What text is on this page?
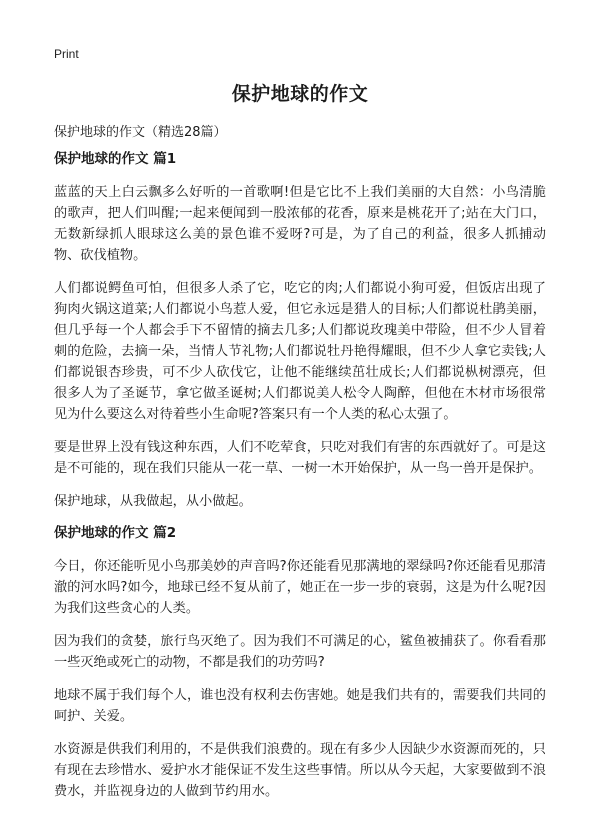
Print
保护地球的作文
保护地球的作文（精选28篇）
保护地球的作文 篇1

蓝蓝的天上白云飘多么好听的一首歌啊!但是它比不上我们美丽的大自然：小鸟清脆的歌声，把人们叫醒;一起来便闻到一股浓郁的花香，原来是桃花开了;站在大门口，无数新绿抓人眼球这么美的景色谁不爱呀?可是，为了自己的利益，很多人抓捕动物、砍伐植物。

人们都说鳄鱼可怕，但很多人杀了它，吃它的肉;人们都说小狗可爱，但饭店出现了狗肉火锅这道菜;人们都说小鸟惹人爱，但它永远是猎人的目标;人们都说杜鹃美丽，但几乎每一个人都会手下不留情的摘去几多;人们都说玫瑰美中带险，但不少人冒着刺的危险，去摘一朵，当情人节礼物;人们都说牡丹艳得耀眼，但不少人拿它卖钱;人们都说银杏珍贵，可不少人砍伐它，让他不能继续茁壮成长;人们都说枞树漂亮，但很多人为了圣诞节，拿它做圣诞树;人们都说美人松令人陶醉，但他在木材市场很常见为什么要这么对待着些小生命呢?答案只有一个人类的私心太强了。

要是世界上没有钱这种东西，人们不吃荤食，只吃对我们有害的东西就好了。可是这是不可能的，现在我们只能从一花一草、一树一木开始保护，从一鸟一兽开是保护。

保护地球，从我做起，从小做起。

保护地球的作文 篇2

今日，你还能听见小鸟那美妙的声音吗?你还能看见那满地的翠绿吗?你还能看见那清澈的河水吗?如今，地球已经不复从前了，她正在一步一步的衰弱，这是为什么呢?因为我们这些贪心的人类。

因为我们的贪婪，旅行鸟灭绝了。因为我们不可满足的心，鲨鱼被捕获了。你看看那一些灭绝或死亡的动物，不都是我们的功劳吗?

地球不属于我们每个人，谁也没有权利去伤害她。她是我们共有的，需要我们共同的呵护、关爱。

水资源是供我们利用的，不是供我们浪费的。现在有多少人因缺少水资源而死的，只有现在去珍惜水、爱护水才能保证不发生这些事情。所以从今天起，大家要做到不浪费水，并监视身边的人做到节约用水。
